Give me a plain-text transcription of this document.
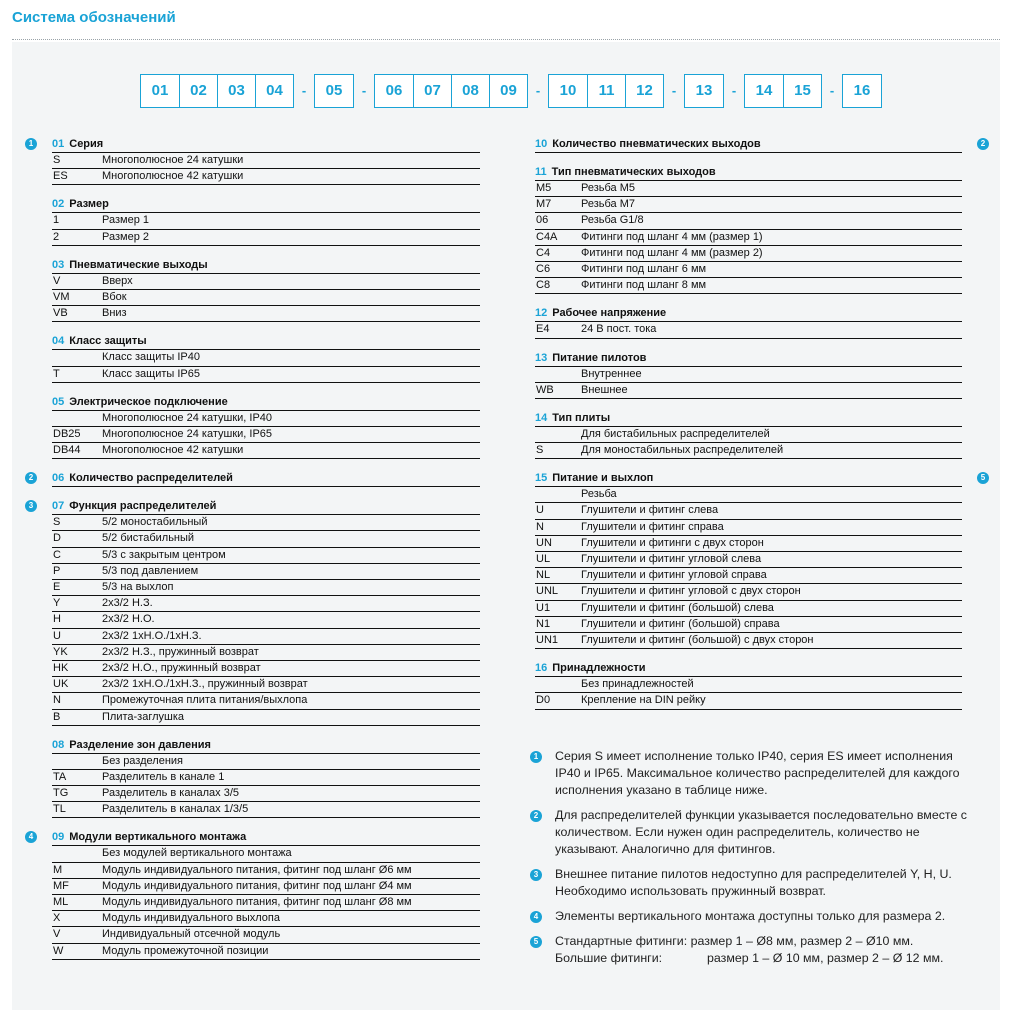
Система обозначений
01	02	03	04	-	05	-	06	07	08	09	-	10	11	12	-	13	-	14	15	-	16
01 Серия
S	Многополюсное 24 катушки
ES	Многополюсное 42 катушки
02 Размер
1	Размер 1
2	Размер 2
03 Пневматические выходы
V	Вверх
VM	Вбок
VB	Вниз
04 Класс защиты
Класс защиты IP40
T	Класс защиты IP65
05 Электрическое подключение
Многополюсное 24 катушки, IP40
DB25	Многополюсное 24 катушки, IP65
DB44	Многополюсное 42 катушки
06 Количество распределителей
07 Функция распределителей
S	5/2 моностабильный
D	5/2 бистабильный
C	5/3 с закрытым центром
P	5/3 под давлением
E	5/3 на выхлоп
Y	2x3/2 Н.З.
H	2x3/2 Н.О.
U	2x3/2 1хН.О./1хН.З.
YK	2x3/2 Н.З., пружинный возврат
HK	2x3/2 Н.О., пружинный возврат
UK	2x3/2 1хН.О./1хН.З., пружинный возврат
N	Промежуточная плита питания/выхлопа
B	Плита-заглушка
08 Разделение зон давления
Без разделения
TA	Разделитель в канале 1
TG	Разделитель в каналах 3/5
TL	Разделитель в каналах 1/3/5
09 Модули вертикального монтажа
Без модулей вертикального монтажа
M	Модуль индивидуального питания, фитинг под шланг Ø6 мм
MF	Модуль индивидуального питания, фитинг под шланг Ø4 мм
ML	Модуль индивидуального питания, фитинг под шланг Ø8 мм
X	Модуль индивидуального выхлопа
V	Индивидуальный отсечной модуль
W	Модуль промежуточной позиции
10 Количество пневматических выходов
11 Тип пневматических выходов
M5	Резьба M5
M7	Резьба M7
06	Резьба G1/8
C4A	Фитинги под шланг 4 мм (размер 1)
C4	Фитинги под шланг 4 мм (размер 2)
C6	Фитинги под шланг 6 мм
C8	Фитинги под шланг 8 мм
12 Рабочее напряжение
E4	24 В пост. тока
13 Питание пилотов
Внутреннее
WB	Внешнее
14 Тип плиты
Для бистабильных распределителей
S	Для моностабильных распределителей
15 Питание и выхлоп
Резьба
U	Глушители и фитинг слева
N	Глушители и фитинг справа
UN	Глушители и фитинги с двух сторон
UL	Глушители и фитинг угловой слева
NL	Глушители и фитинг угловой справа
UNL	Глушители и фитинг угловой с двух сторон
U1	Глушители и фитинг (большой) слева
N1	Глушители и фитинг (большой) справа
UN1	Глушители и фитинг (большой) с двух сторон
16 Принадлежности
Без принадлежностей
D0	Крепление на DIN рейку
1	Серия S имеет исполнение только IP40, серия ES имеет исполнения IP40 и IP65. Максимальное количество распределителей для каждого исполнения указано в таблице ниже.
2	Для распределителей функции указывается последовательно вместе с количеством. Если нужен один распределитель, количество не указывают. Аналогично для фитингов.
3	Внешнее питание пилотов недоступно для распределителей Y, H, U. Необходимо использовать пружинный возврат.
4	Элементы вертикального монтажа доступны только для размера 2.
5	Стандартные фитинги: размер 1 – Ø8 мм, размер 2 – Ø10 мм.
Большие фитинги:	размер 1 – Ø 10 мм, размер 2 – Ø 12 мм.
1
2
3
4
2
5
